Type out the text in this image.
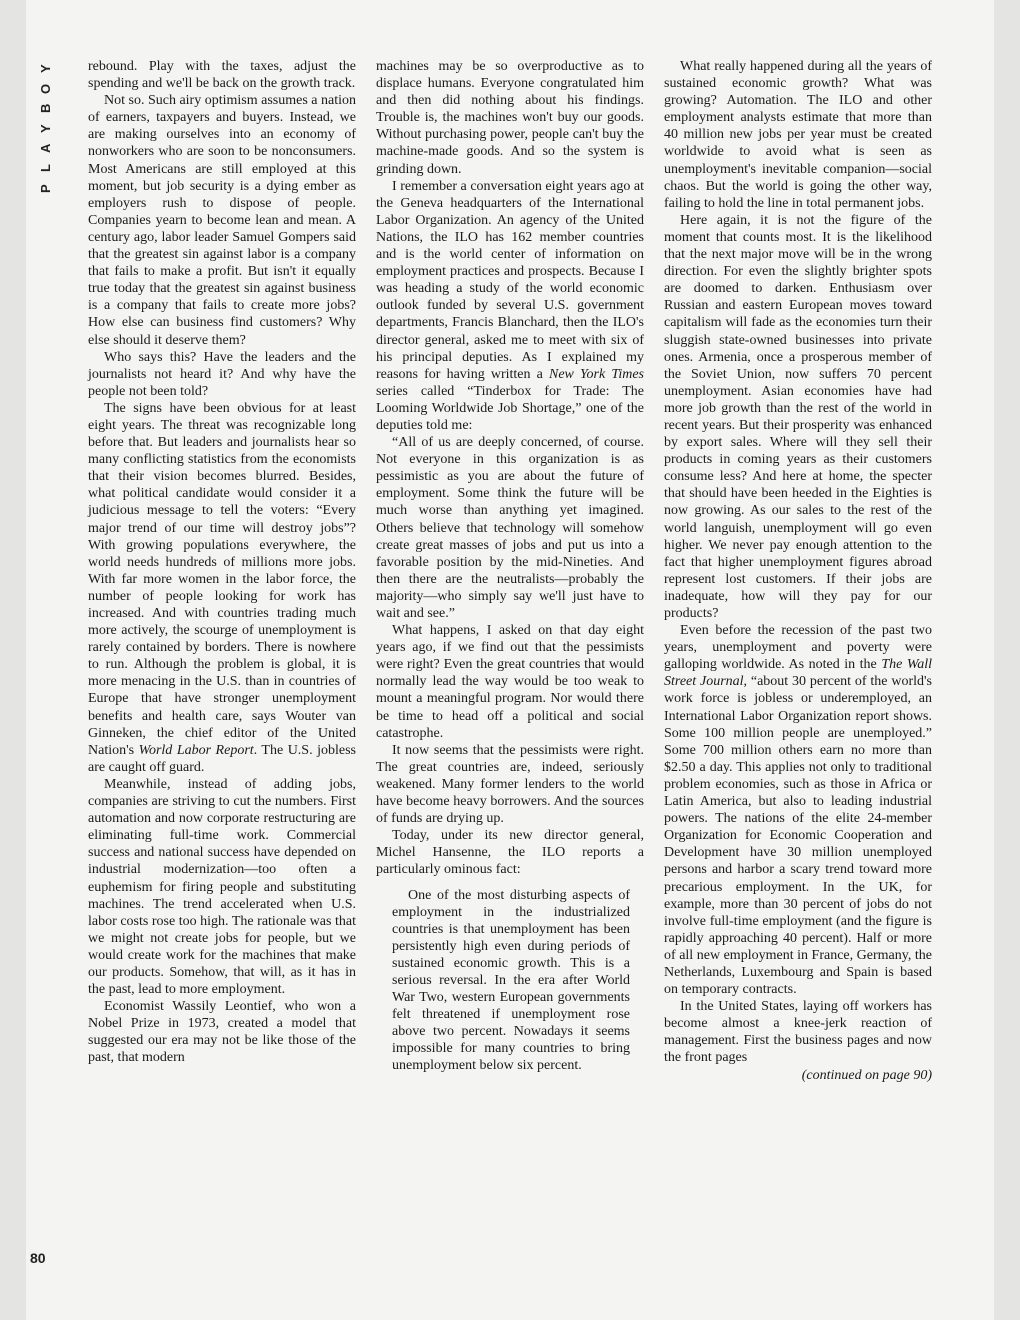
Y
O
B
Y
A
L
P
80

rebound. Play with the taxes, adjust the spending and we'll be back on the growth track.

Not so. Such airy optimism assumes a nation of earners, taxpayers and buyers. Instead, we are making ourselves into an economy of nonworkers who are soon to be nonconsumers. Most Americans are still employed at this moment, but job security is a dying ember as employers rush to dispose of people. Companies yearn to become lean and mean. A century ago, labor leader Samuel Gompers said that the greatest sin against labor is a company that fails to make a profit. But isn't it equally true today that the greatest sin against business is a company that fails to create more jobs? How else can business find customers? Why else should it deserve them?

Who says this? Have the leaders and the journalists not heard it? And why have the people not been told?

The signs have been obvious for at least eight years. The threat was recognizable long before that. But leaders and journalists hear so many conflicting statistics from the economists that their vision becomes blurred. Besides, what political candidate would consider it a judicious message to tell the voters: “Every major trend of our time will destroy jobs”? With growing populations everywhere, the world needs hundreds of millions more jobs. With far more women in the labor force, the number of people looking for work has increased. And with countries trading much more actively, the scourge of unemployment is rarely contained by borders. There is nowhere to run. Although the problem is global, it is more menacing in the U.S. than in countries of Europe that have stronger unemployment benefits and health care, says Wouter van Ginneken, the chief editor of the United Nation's World Labor Report. The U.S. jobless are caught off guard.

Meanwhile, instead of adding jobs, companies are striving to cut the numbers. First automation and now corporate restructuring are eliminating full-time work. Commercial success and national success have depended on industrial modernization—too often a euphemism for firing people and substituting machines. The trend accelerated when U.S. labor costs rose too high. The rationale was that we might not create jobs for people, but we would create work for the machines that make our products. Somehow, that will, as it has in the past, lead to more employment.

Economist Wassily Leontief, who won a Nobel Prize in 1973, created a model that suggested our era may not be like those of the past, that modern

machines may be so overproductive as to displace humans. Everyone congratulated him and then did nothing about his findings. Trouble is, the machines won't buy our goods. Without purchasing power, people can't buy the machine-made goods. And so the system is grinding down.

I remember a conversation eight years ago at the Geneva headquarters of the International Labor Organization. An agency of the United Nations, the ILO has 162 member countries and is the world center of information on employment practices and prospects. Because I was heading a study of the world economic outlook funded by several U.S. government departments, Francis Blanchard, then the ILO's director general, asked me to meet with six of his principal deputies. As I explained my reasons for having written a New York Times series called “Tinderbox for Trade: The Looming Worldwide Job Shortage,” one of the deputies told me:

“All of us are deeply concerned, of course. Not everyone in this organization is as pessimistic as you are about the future of employment. Some think the future will be much worse than anything yet imagined. Others believe that technology will somehow create great masses of jobs and put us into a favorable position by the mid-Nineties. And then there are the neutralists—probably the majority—who simply say we'll just have to wait and see.”

What happens, I asked on that day eight years ago, if we find out that the pessimists were right? Even the great countries that would normally lead the way would be too weak to mount a meaningful program. Nor would there be time to head off a political and social catastrophe.

It now seems that the pessimists were right. The great countries are, indeed, seriously weakened. Many former lenders to the world have become heavy borrowers. And the sources of funds are drying up.

Today, under its new director general, Michel Hansenne, the ILO reports a particularly ominous fact:

One of the most disturbing aspects of employment in the industrialized countries is that unemployment has been persistently high even during periods of sustained economic growth. This is a serious reversal. In the era after World War Two, western European governments felt threatened if unemployment rose above two percent. Nowadays it seems impossible for many countries to bring unemployment below six percent.

What really happened during all the years of sustained economic growth? What was growing? Automation. The ILO and other employment analysts estimate that more than 40 million new jobs per year must be created worldwide to avoid what is seen as unemployment's inevitable companion—social chaos. But the world is going the other way, failing to hold the line in total permanent jobs.

Here again, it is not the figure of the moment that counts most. It is the likelihood that the next major move will be in the wrong direction. For even the slightly brighter spots are doomed to darken. Enthusiasm over Russian and eastern European moves toward capitalism will fade as the economies turn their sluggish state-owned businesses into private ones. Armenia, once a prosperous member of the Soviet Union, now suffers 70 percent unemployment. Asian economies have had more job growth than the rest of the world in recent years. But their prosperity was enhanced by export sales. Where will they sell their products in coming years as their customers consume less? And here at home, the specter that should have been heeded in the Eighties is now growing. As our sales to the rest of the world languish, unemployment will go even higher. We never pay enough attention to the fact that higher unemployment figures abroad represent lost customers. If their jobs are inadequate, how will they pay for our products?

Even before the recession of the past two years, unemployment and poverty were galloping worldwide. As noted in the The Wall Street Journal, “about 30 percent of the world's work force is jobless or underemployed, an International Labor Organization report shows. Some 100 million people are unemployed.” Some 700 million others earn no more than $2.50 a day. This applies not only to traditional problem economies, such as those in Africa or Latin America, but also to leading industrial powers. The nations of the elite 24-member Organization for Economic Cooperation and Development have 30 million unemployed persons and harbor a scary trend toward more precarious employment. In the UK, for example, more than 30 percent of jobs do not involve full-time employment (and the figure is rapidly approaching 40 percent). Half or more of all new employment in France, Germany, the Netherlands, Luxembourg and Spain is based on temporary contracts.

In the United States, laying off workers has become almost a knee-jerk reaction of management. First the business pages and now the front pages

(continued on page 90)
